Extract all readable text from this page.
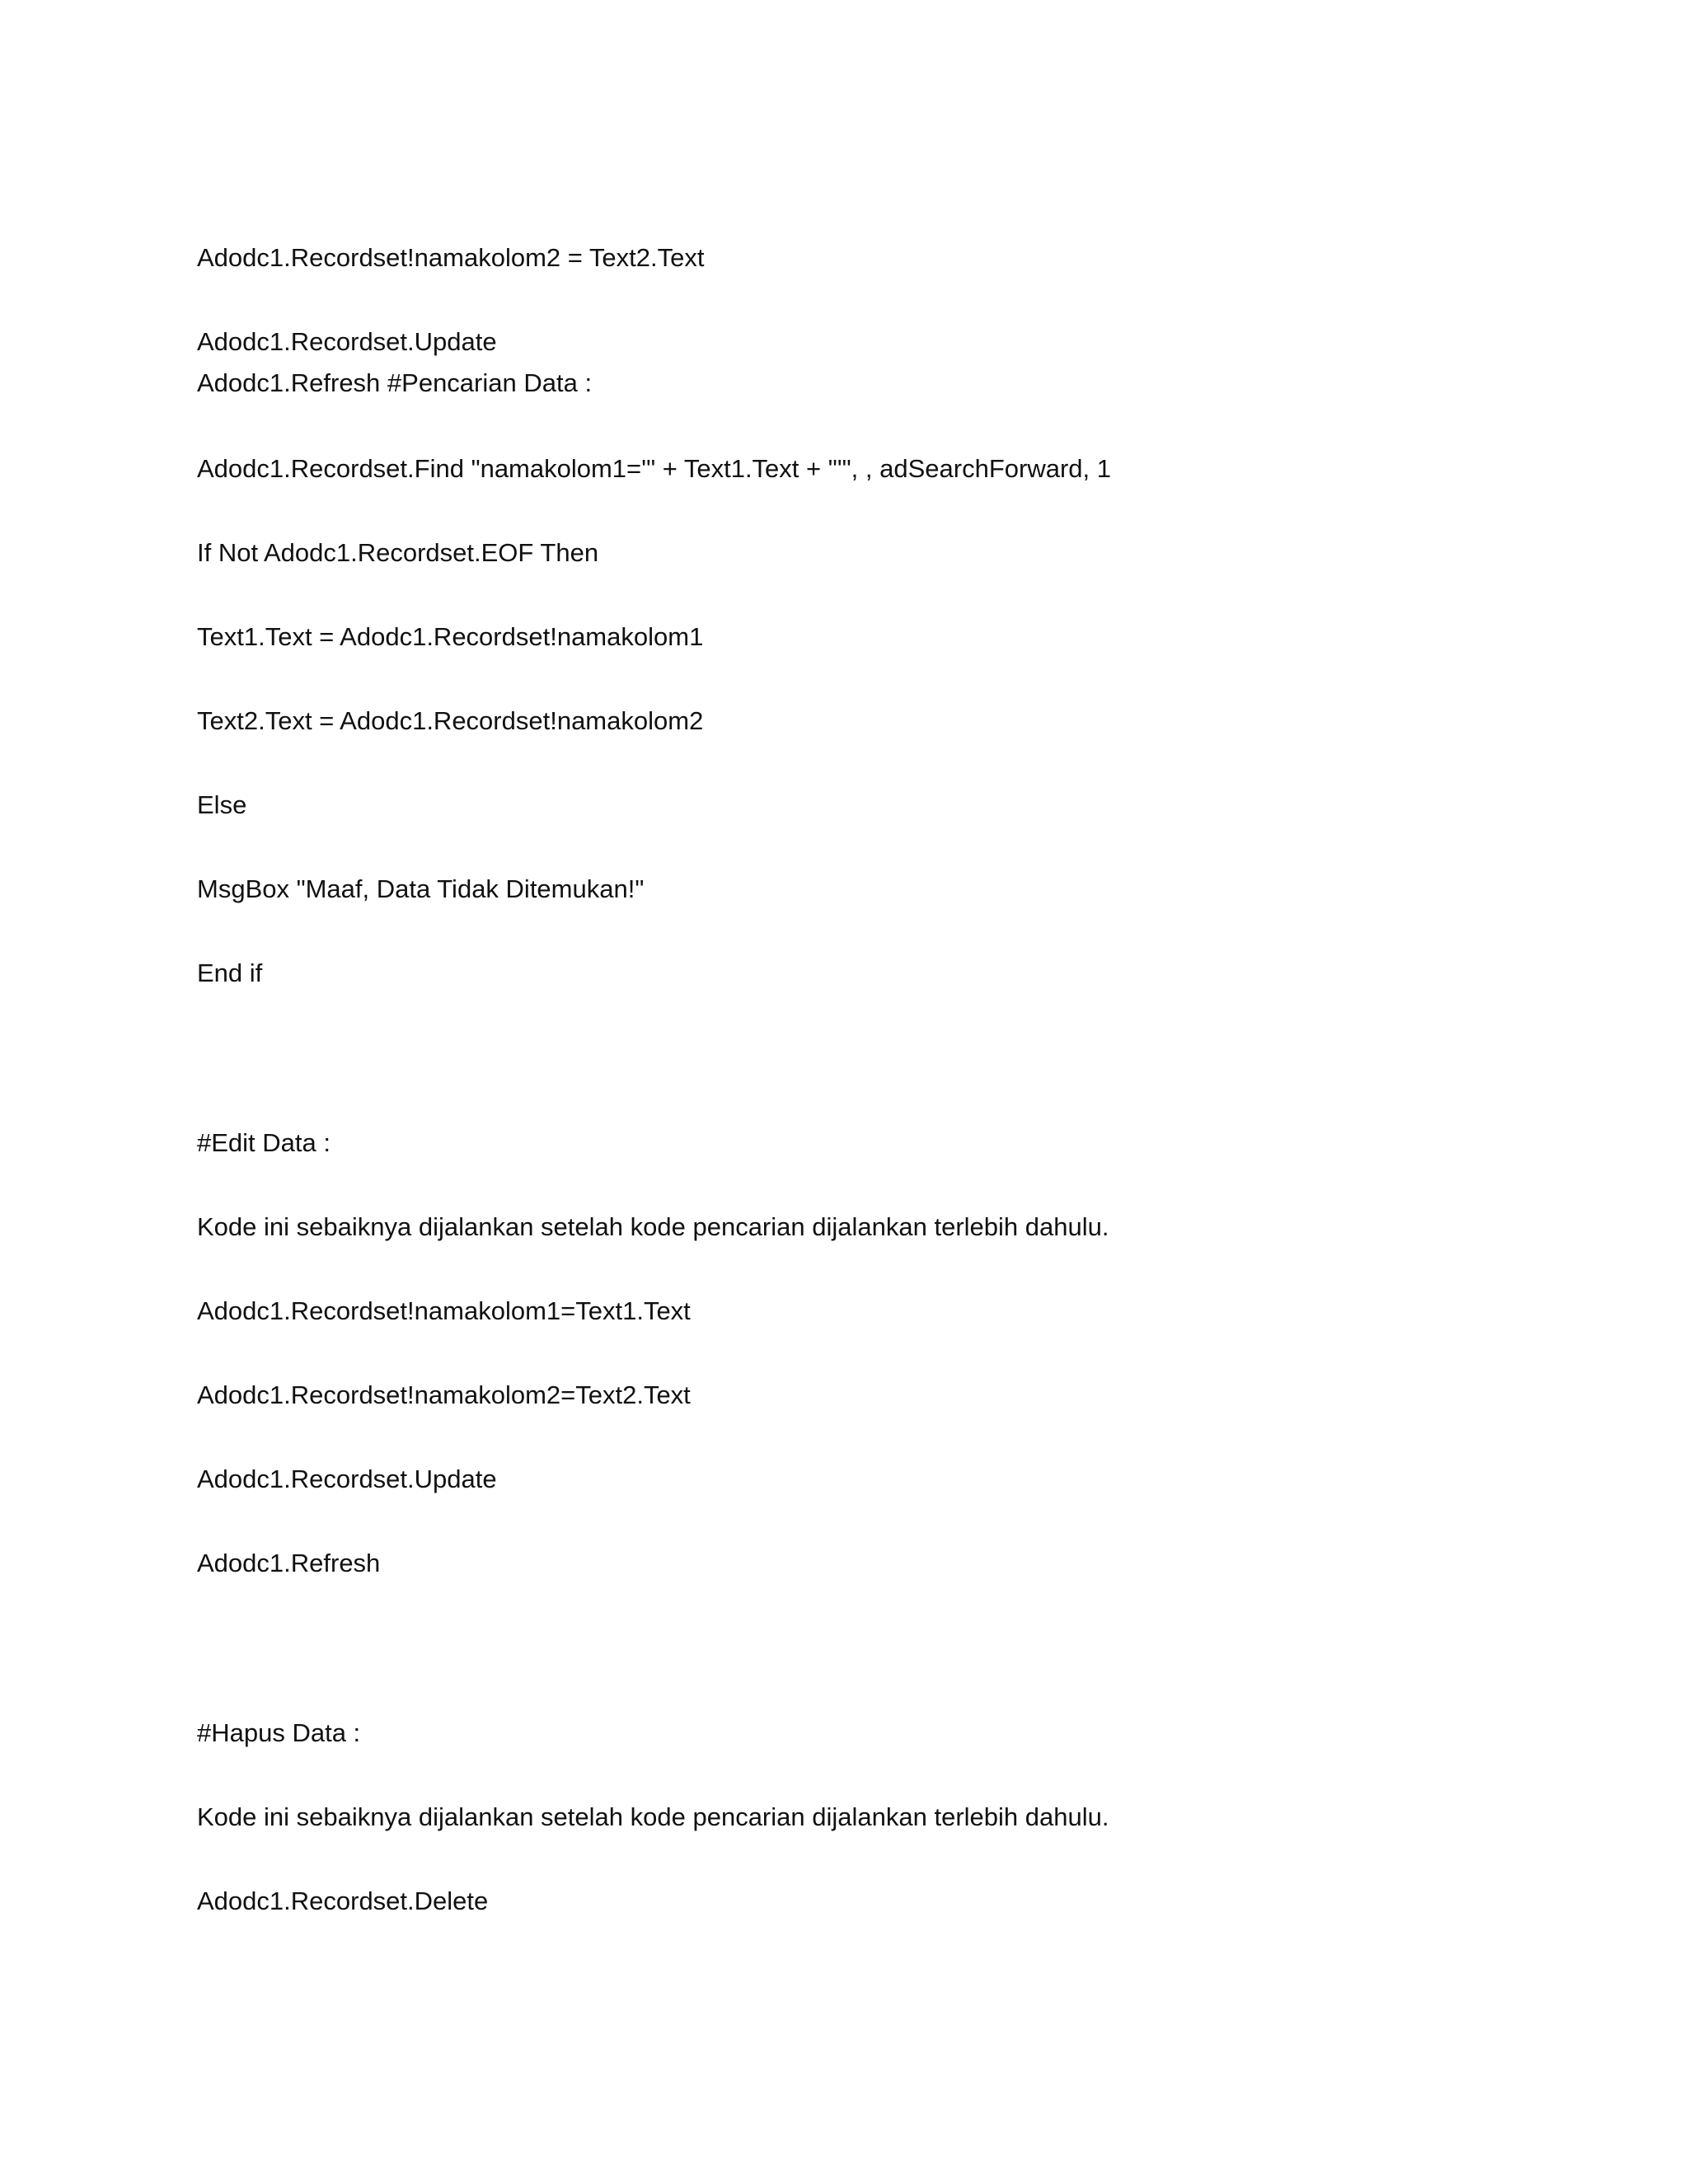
Adodc1.Recordset!namakolom2 = Text2.Text

Adodc1.Recordset.Update

Adodc1.Refresh #Pencarian Data :

Adodc1.Recordset.Find "namakolom1='" + Text1.Text + "'", , adSearchForward, 1

If Not Adodc1.Recordset.EOF Then

Text1.Text = Adodc1.Recordset!namakolom1

Text2.Text = Adodc1.Recordset!namakolom2

Else

MsgBox "Maaf, Data Tidak Ditemukan!"

End if

#Edit Data :

Kode ini sebaiknya dijalankan setelah kode pencarian dijalankan terlebih dahulu.

Adodc1.Recordset!namakolom1=Text1.Text

Adodc1.Recordset!namakolom2=Text2.Text

Adodc1.Recordset.Update

Adodc1.Refresh

#Hapus Data :

Kode ini sebaiknya dijalankan setelah kode pencarian dijalankan terlebih dahulu.

Adodc1.Recordset.Delete
